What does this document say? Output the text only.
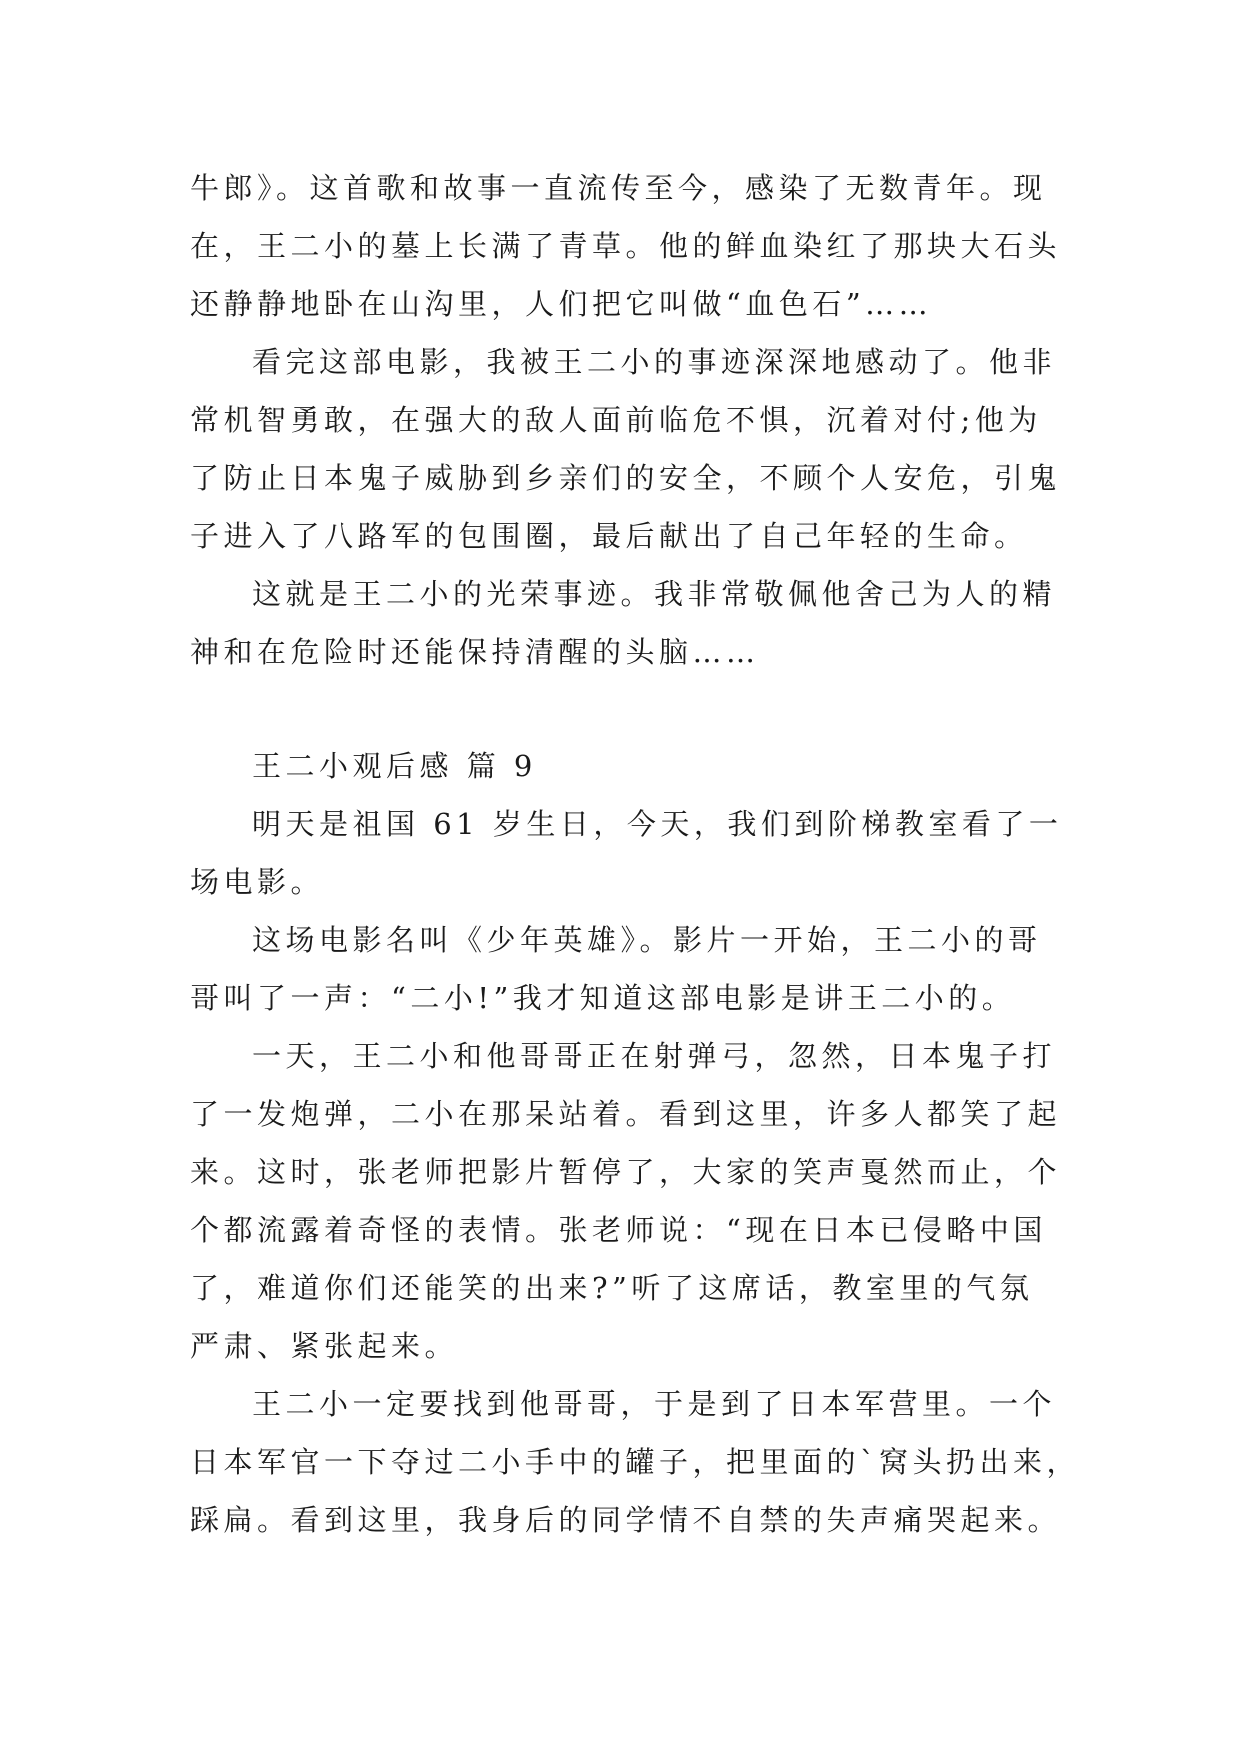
牛郎》。这首歌和故事一直流传至今，感染了无数青年。现
在，王二小的墓上长满了青草。他的鲜血染红了那块大石头
还静静地卧在山沟里，人们把它叫做“血色石”……
看完这部电影，我被王二小的事迹深深地感动了。他非
常机智勇敢，在强大的敌人面前临危不惧，沉着对付;他为
了防止日本鬼子威胁到乡亲们的安全，不顾个人安危，引鬼
子进入了八路军的包围圈，最后献出了自己年轻的生命。
这就是王二小的光荣事迹。我非常敬佩他舍己为人的精
神和在危险时还能保持清醒的头脑……
王二小观后感 篇 9
明天是祖国 61 岁生日，今天，我们到阶梯教室看了一
场电影。
这场电影名叫《少年英雄》。影片一开始，王二小的哥
哥叫了一声：“二小!”我才知道这部电影是讲王二小的。
一天，王二小和他哥哥正在射弹弓，忽然，日本鬼子打
了一发炮弹，二小在那呆站着。看到这里，许多人都笑了起
来。这时，张老师把影片暂停了，大家的笑声戛然而止，个
个都流露着奇怪的表情。张老师说：“现在日本已侵略中国
了，难道你们还能笑的出来?”听了这席话，教室里的气氛
严肃、紧张起来。
王二小一定要找到他哥哥，于是到了日本军营里。一个
日本军官一下夺过二小手中的罐子，把里面的`窝头扔出来，
踩扁。看到这里，我身后的同学情不自禁的失声痛哭起来。
